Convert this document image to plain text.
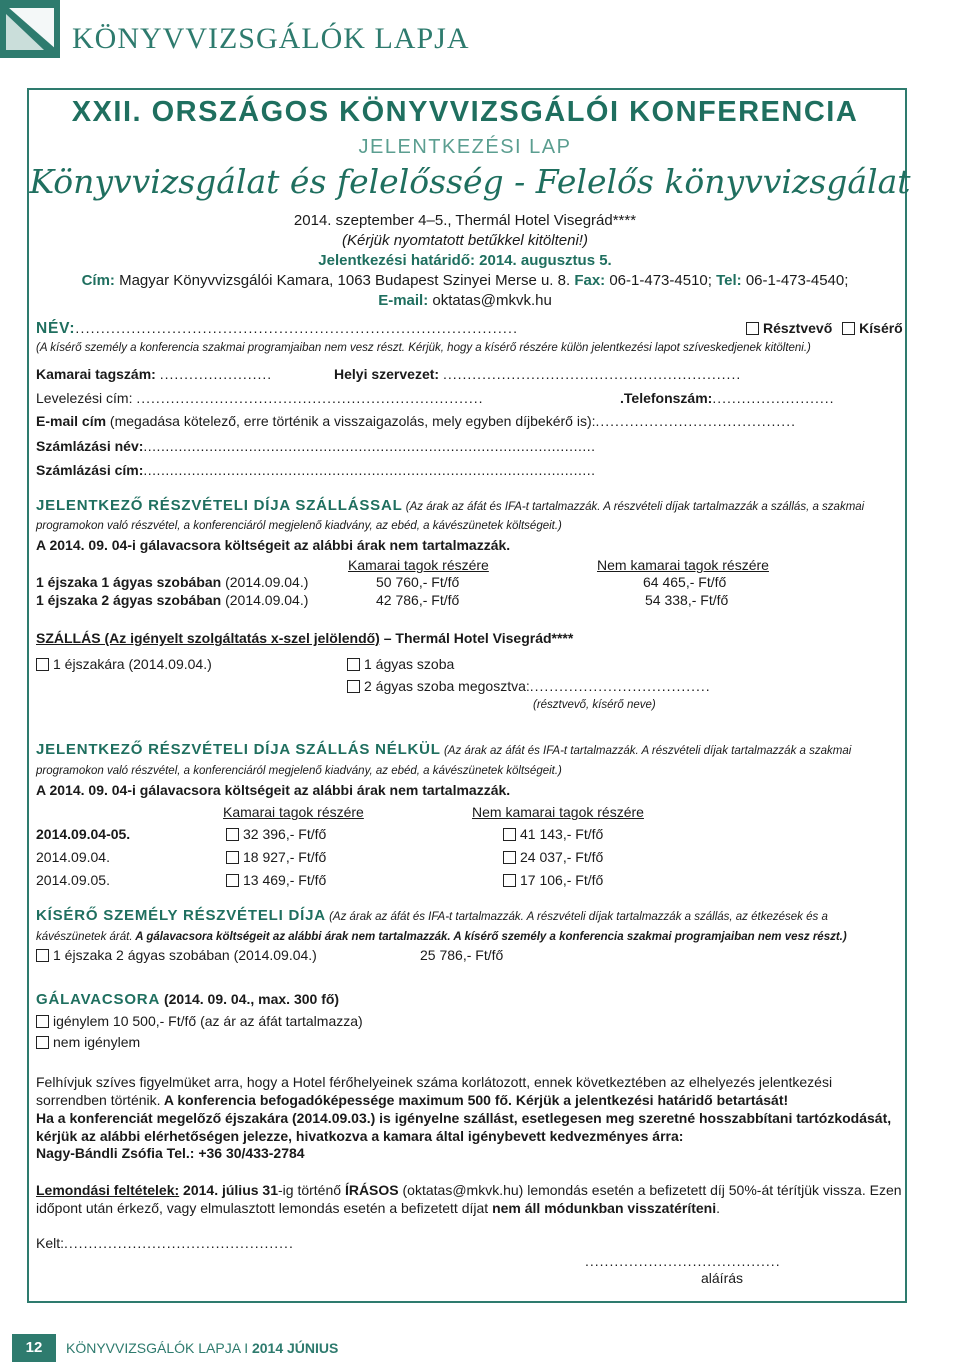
KÖNYVVIZSGÁLÓK LAPJA
XXII. ORSZÁGOS KÖNYVVIZSGÁLÓI KONFERENCIA
JELENTKEZÉSI LAP
Könyvvizsgálat és felelősség - Felelős könyvvizsgálat
2014. szeptember 4–5., Thermál Hotel Visegrád****
(Kérjük nyomtatott betűkkel kitölteni!)
Jelentkezési határidő: 2014. augusztus 5.
Cím: Magyar Könyvvizsgálói Kamara, 1063 Budapest Szinyei Merse u. 8. Fax: 06-1-473-4510; Tel: 06-1-473-4540;
E-mail: oktatas@mkvk.hu
NÉV:.......................................................................................	Résztvevő Kísérő
(A kísérő személy a konferencia szakmai programjaiban nem vesz részt. Kérjük, hogy a kísérő részére külön jelentkezési lapot szíveskedjenek kitölteni.)
Kamarai tagszám: .......................	Helyi szervezet: .............................................................
Levelezési cím: .......................................................................	.Telefonszám:.........................
E-mail cím (megadása kötelező, erre történik a visszaigazolás, mely egyben díjbekérő is):.........................................
Számlázási név:.......................................................................................................
Számlázási cím:.......................................................................................................
JELENTKEZŐ RÉSZVÉTELI DÍJA SZÁLLÁSSAL (Az árak az áfát és IFA-t tartalmazzák. A részvételi díjak tartalmazzák a szállás, a szakmai programokon való részvétel, a konferenciáról megjelenő kiadvány, az ebéd, a kávészünetek költségeit.)
A 2014. 09. 04-i gálavacsora költségeit az alábbi árak nem tartalmazzák.
Kamarai tagok részére	Nem kamarai tagok részére
1 éjszaka 1 ágyas szobában (2014.09.04.)	50 760,- Ft/fő	64 465,- Ft/fő
1 éjszaka 2 ágyas szobában (2014.09.04.)	42 786,- Ft/fő	54 338,- Ft/fő
SZÁLLÁS (Az igényelt szolgáltatás x-szel jelölendő) – Thermál Hotel Visegrád****
1 éjszakára (2014.09.04.)	1 ágyas szoba
2 ágyas szoba megosztva:.....................................
(résztvevő, kísérő neve)
JELENTKEZŐ RÉSZVÉTELI DÍJA SZÁLLÁS NÉLKÜL (Az árak az áfát és IFA-t tartalmazzák. A részvételi díjak tartalmazzák a szakmai programokon való részvétel, a konferenciáról megjelenő kiadvány, az ebéd, a kávészünetek költségeit.)
A 2014. 09. 04-i gálavacsora költségeit az alábbi árak nem tartalmazzák.
Kamarai tagok részére	Nem kamarai tagok részére
2014.09.04-05.	32 396,- Ft/fő	41 143,- Ft/fő
2014.09.04.	18 927,- Ft/fő	24 037,- Ft/fő
2014.09.05.	13 469,- Ft/fő	17 106,- Ft/fő
KÍSÉRŐ SZEMÉLY RÉSZVÉTELI DÍJA (Az árak az áfát és IFA-t tartalmazzák. A részvételi díjak tartalmazzák a szállás, az étkezések és a kávészünetek árát. A gálavacsora költségeit az alábbi árak nem tartalmazzák. A kísérő személy a konferencia szakmai programjaiban nem vesz részt.)
1 éjszaka 2 ágyas szobában (2014.09.04.)	25 786,- Ft/fő
GÁLAVACSORA (2014. 09. 04., max. 300 fő)
igénylem 10 500,- Ft/fő (az ár az áfát tartalmazza)
nem igénylem
Felhívjuk szíves figyelmüket arra, hogy a Hotel férőhelyeinek száma korlátozott, ennek következtében az elhelyezés jelentkezési sorrendben történik. A konferencia befogadóképessége maximum 500 fő. Kérjük a jelentkezési határidő betartását!
Ha a konferenciát megelőző éjszakára (2014.09.03.) is igényelne szállást, esetlegesen meg szeretné hosszabbítani tartózkodását, kérjük az alábbi elérhetőségen jelezze, hivatkozva a kamara által igénybevett kedvezményes árra:
Nagy-Bándli Zsófia Tel.: +36 30/433-2784
Lemondási feltételek: 2014. július 31-ig történő ÍRÁSOS (oktatas@mkvk.hu) lemondás esetén a befizetett díj 50%-át térítjük vissza. Ezen időpont után érkező, vagy elmulasztott lemondás esetén a befizetett díjat nem áll módunkban visszatéríteni.
Kelt:...............................................
........................................
aláírás
12	KÖNYVVIZSGÁLÓK LAPJA I 2014 JÚNIUS
